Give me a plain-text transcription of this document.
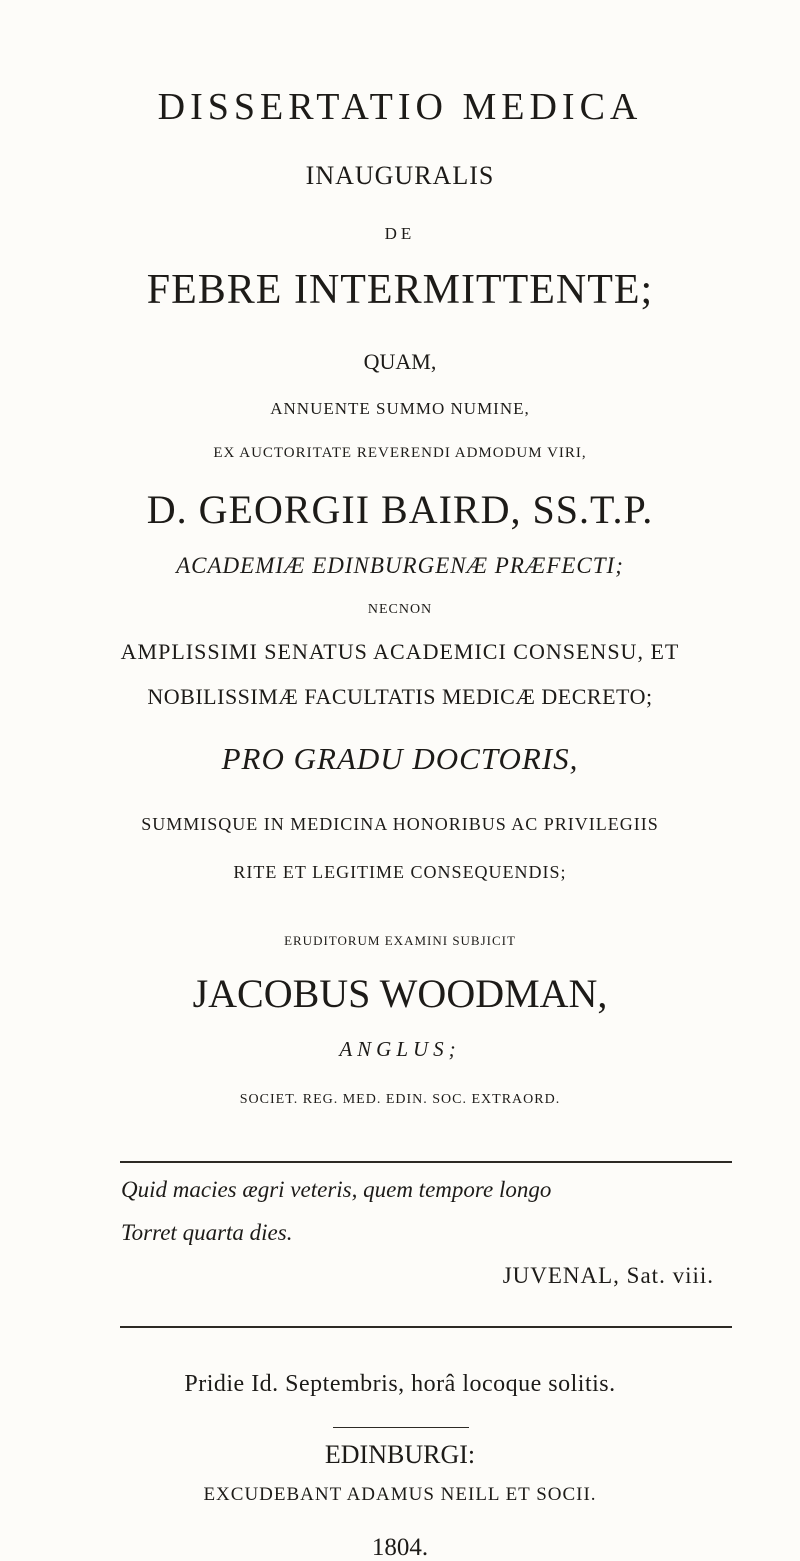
DISSERTATIO MEDICA
INAUGURALIS
DE
FEBRE INTERMITTENTE;
QUAM,
ANNUENTE SUMMO NUMINE,
EX AUCTORITATE REVERENDI ADMODUM VIRI,
D. GEORGII BAIRD, SS.T.P.
ACADEMIÆ EDINBURGENÆ PRÆFECTI;
NECNON
AMPLISSIMI SENATUS ACADEMICI CONSENSU, ET
NOBILISSIMÆ FACULTATIS MEDICÆ DECRETO;
PRO GRADU DOCTORIS,
SUMMISQUE IN MEDICINA HONORIBUS AC PRIVILEGIIS
RITE ET LEGITIME CONSEQUENDIS;
ERUDITORUM EXAMINI SUBJICIT
JACOBUS WOODMAN,
ANGLUS;
SOCIET. REG. MED. EDIN. SOC. EXTRAORD.
Quid macies ægri veteris, quem tempore longo
Torret quarta dies.
JUVENAL, Sat. viii.
Pridie Id. Septembris, horâ locoque solitis.
EDINBURGI:
EXCUDEBANT ADAMUS NEILL ET SOCII.
1804.
